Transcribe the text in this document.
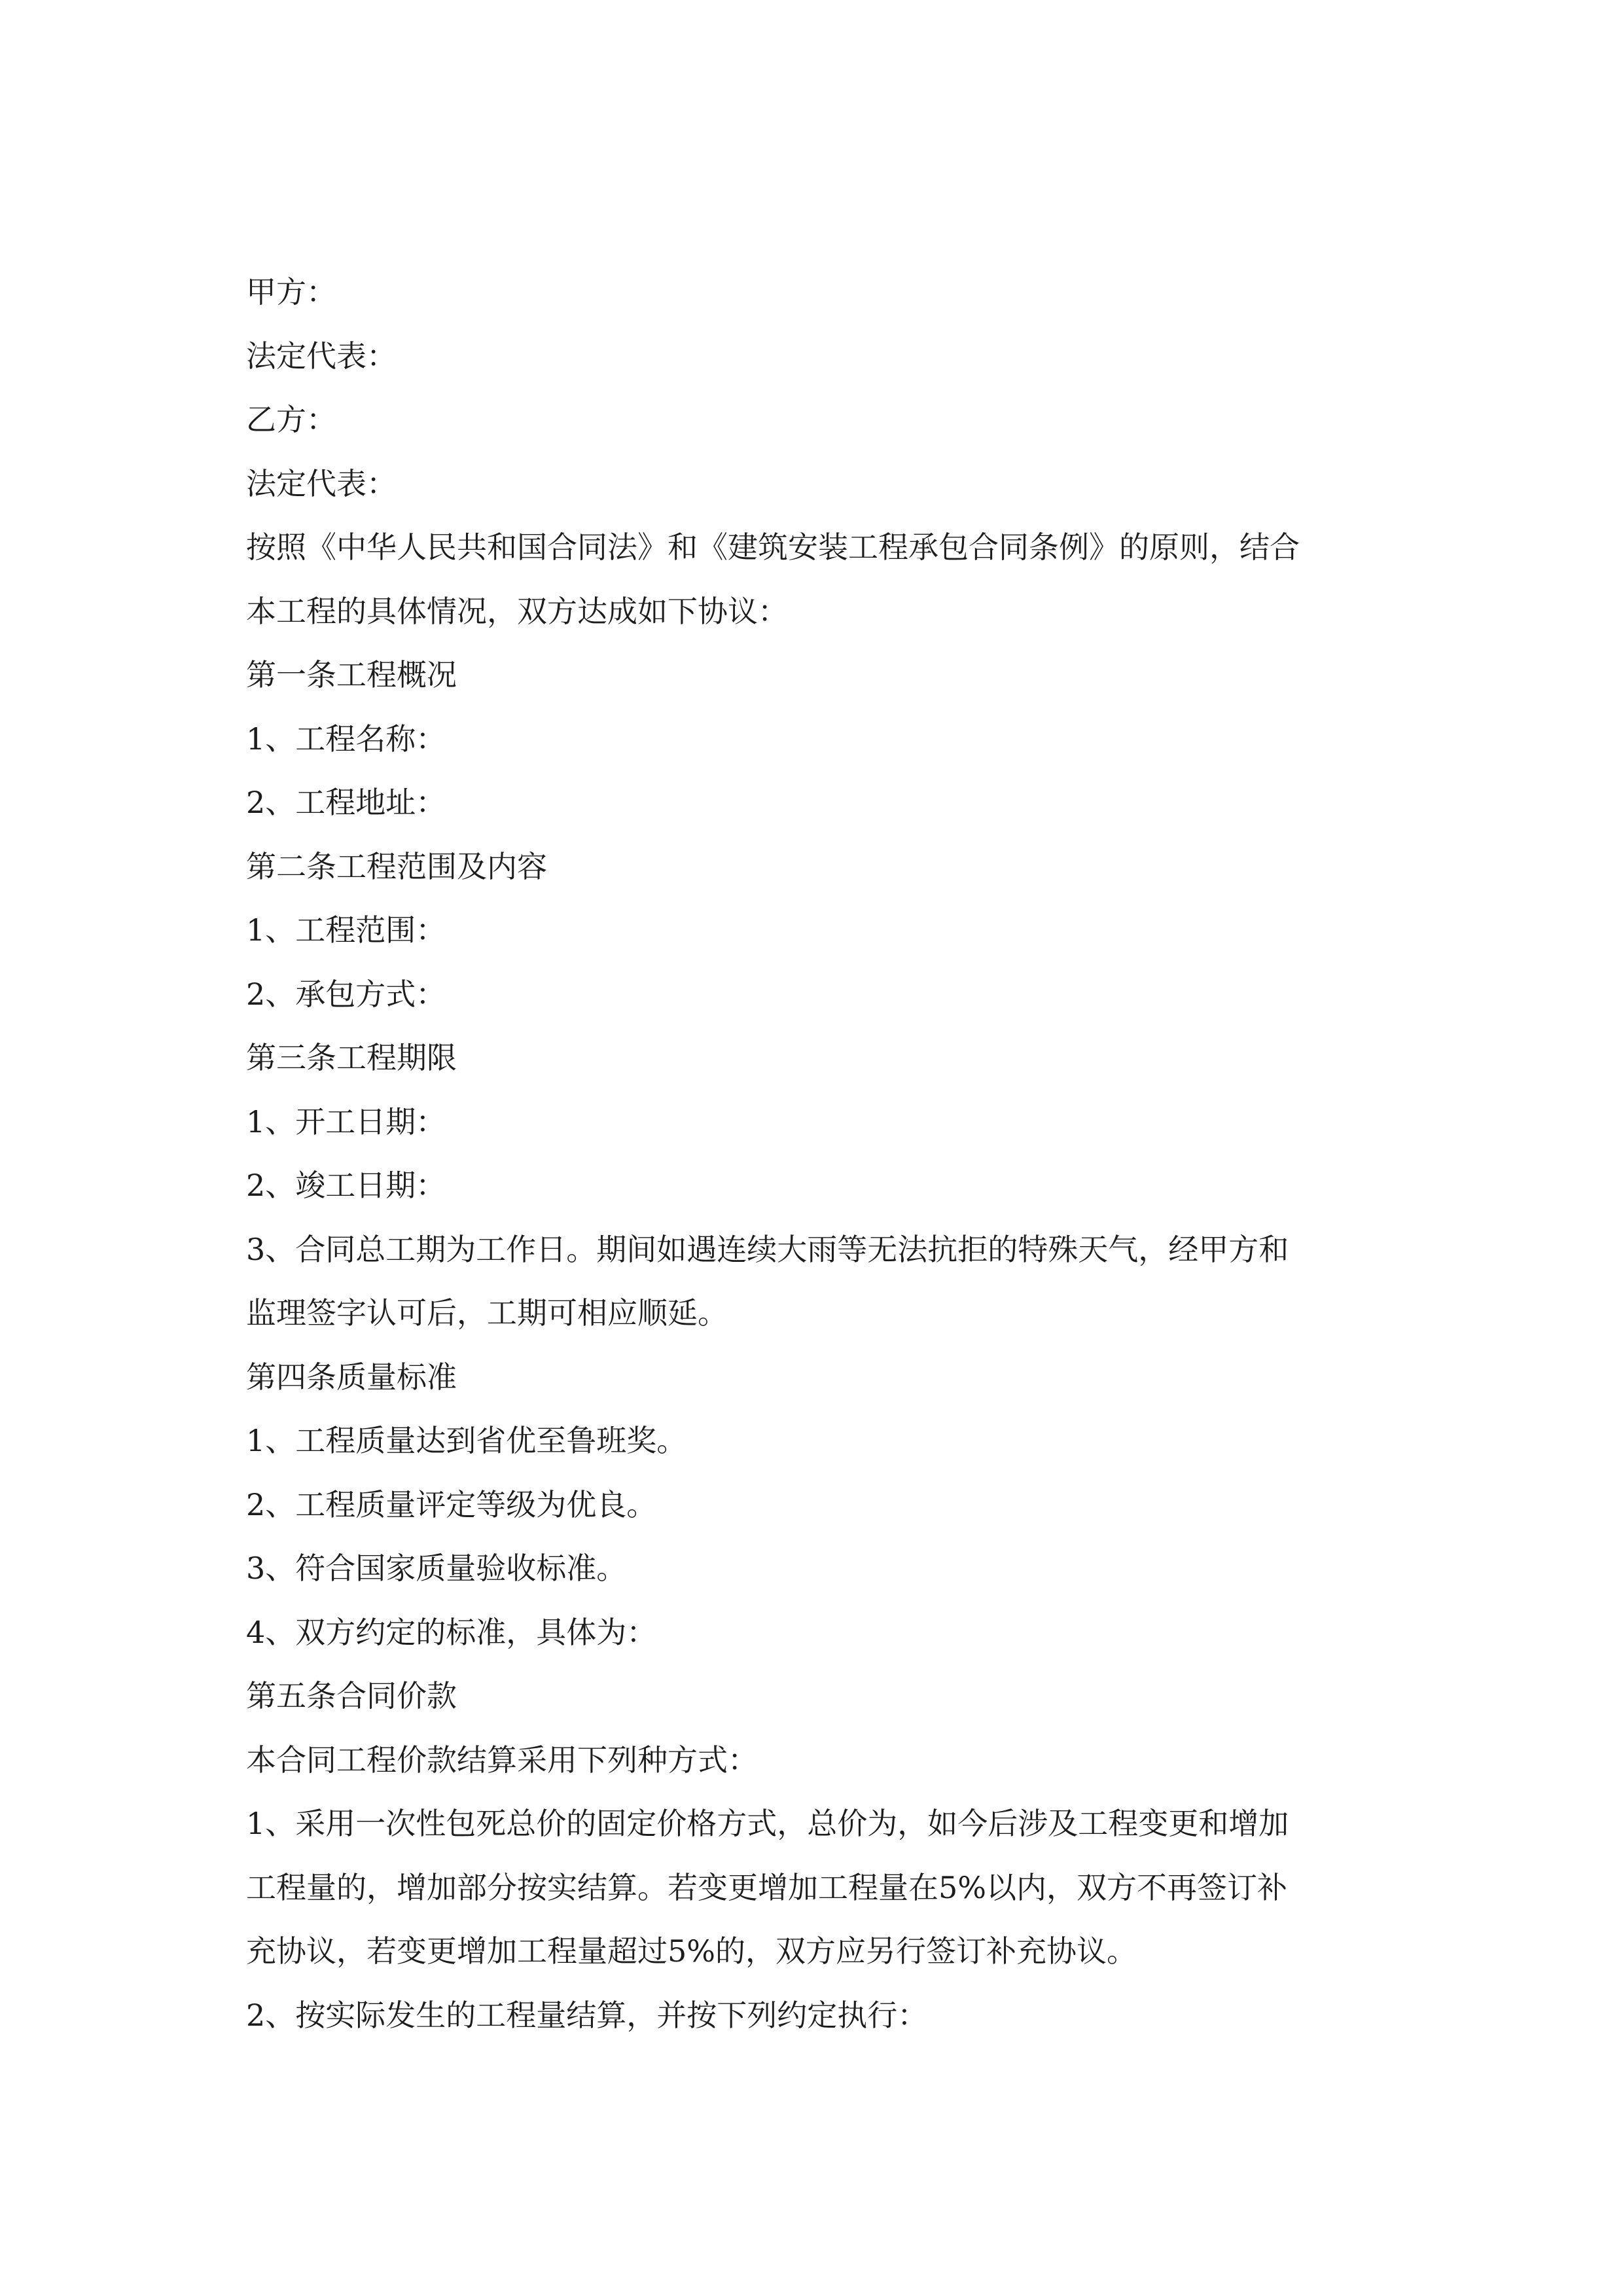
甲方：
法定代表：
乙方：
法定代表：
按照《中华人民共和国合同法》和《建筑安装工程承包合同条例》的原则，结合
本工程的具体情况，双方达成如下协议：
第一条工程概况
1、工程名称：
2、工程地址：
第二条工程范围及内容
1、工程范围：
2、承包方式：
第三条工程期限
1、开工日期：
2、竣工日期：
3、合同总工期为工作日。期间如遇连续大雨等无法抗拒的特殊天气，经甲方和
监理签字认可后，工期可相应顺延。
第四条质量标准
1、工程质量达到省优至鲁班奖。
2、工程质量评定等级为优良。
3、符合国家质量验收标准。
4、双方约定的标准，具体为：
第五条合同价款
本合同工程价款结算采用下列种方式：
1、采用一次性包死总价的固定价格方式，总价为，如今后涉及工程变更和增加
工程量的，增加部分按实结算。若变更增加工程量在5%以内，双方不再签订补
充协议，若变更增加工程量超过5%的，双方应另行签订补充协议。
2、按实际发生的工程量结算，并按下列约定执行：
